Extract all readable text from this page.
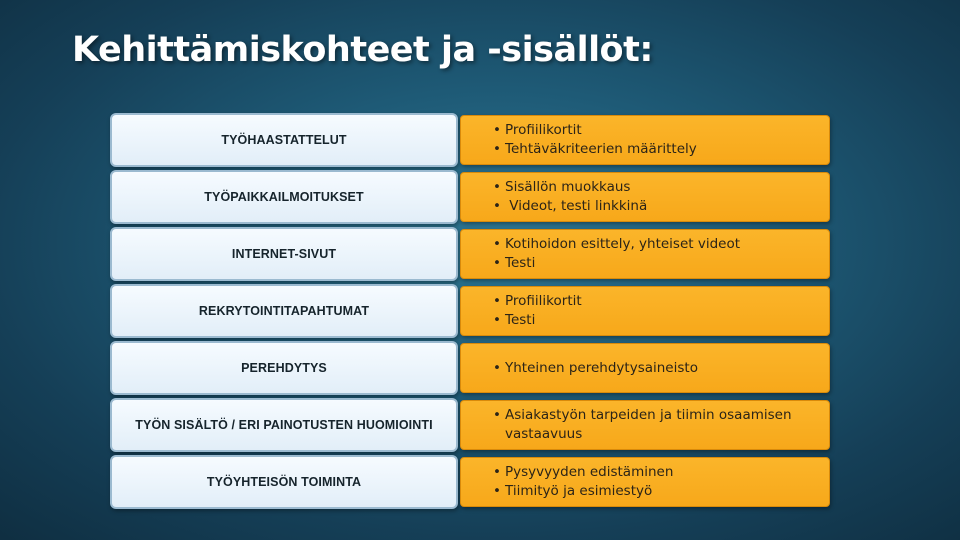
Kehittämiskohteet ja -sisällöt:
TYÖHAASTATTELUT
• Profiilikortit
• Tehtäväkriteerien määrittely
TYÖPAIKKAILMOITUKSET
• Sisällön muokkaus
•  Videot, testi linkkinä
INTERNET-SIVUT
• Kotihoidon esittely, yhteiset videot
• Testi
REKRYTOINTITAPAHTUMAT
• Profiilikortit
• Testi
PEREHDYTYS
•	Yhteinen perehdytysaineisto
TYÖN SISÄLTÖ / ERI PAINOTUSTEN HUOMIOINTI
• Asiakastyön tarpeiden ja tiimin osaamisen vastaavuus
TYÖYHTEISÖN TOIMINTA
• Pysyvyyden edistäminen
• Tiimityö ja esimiestyö
